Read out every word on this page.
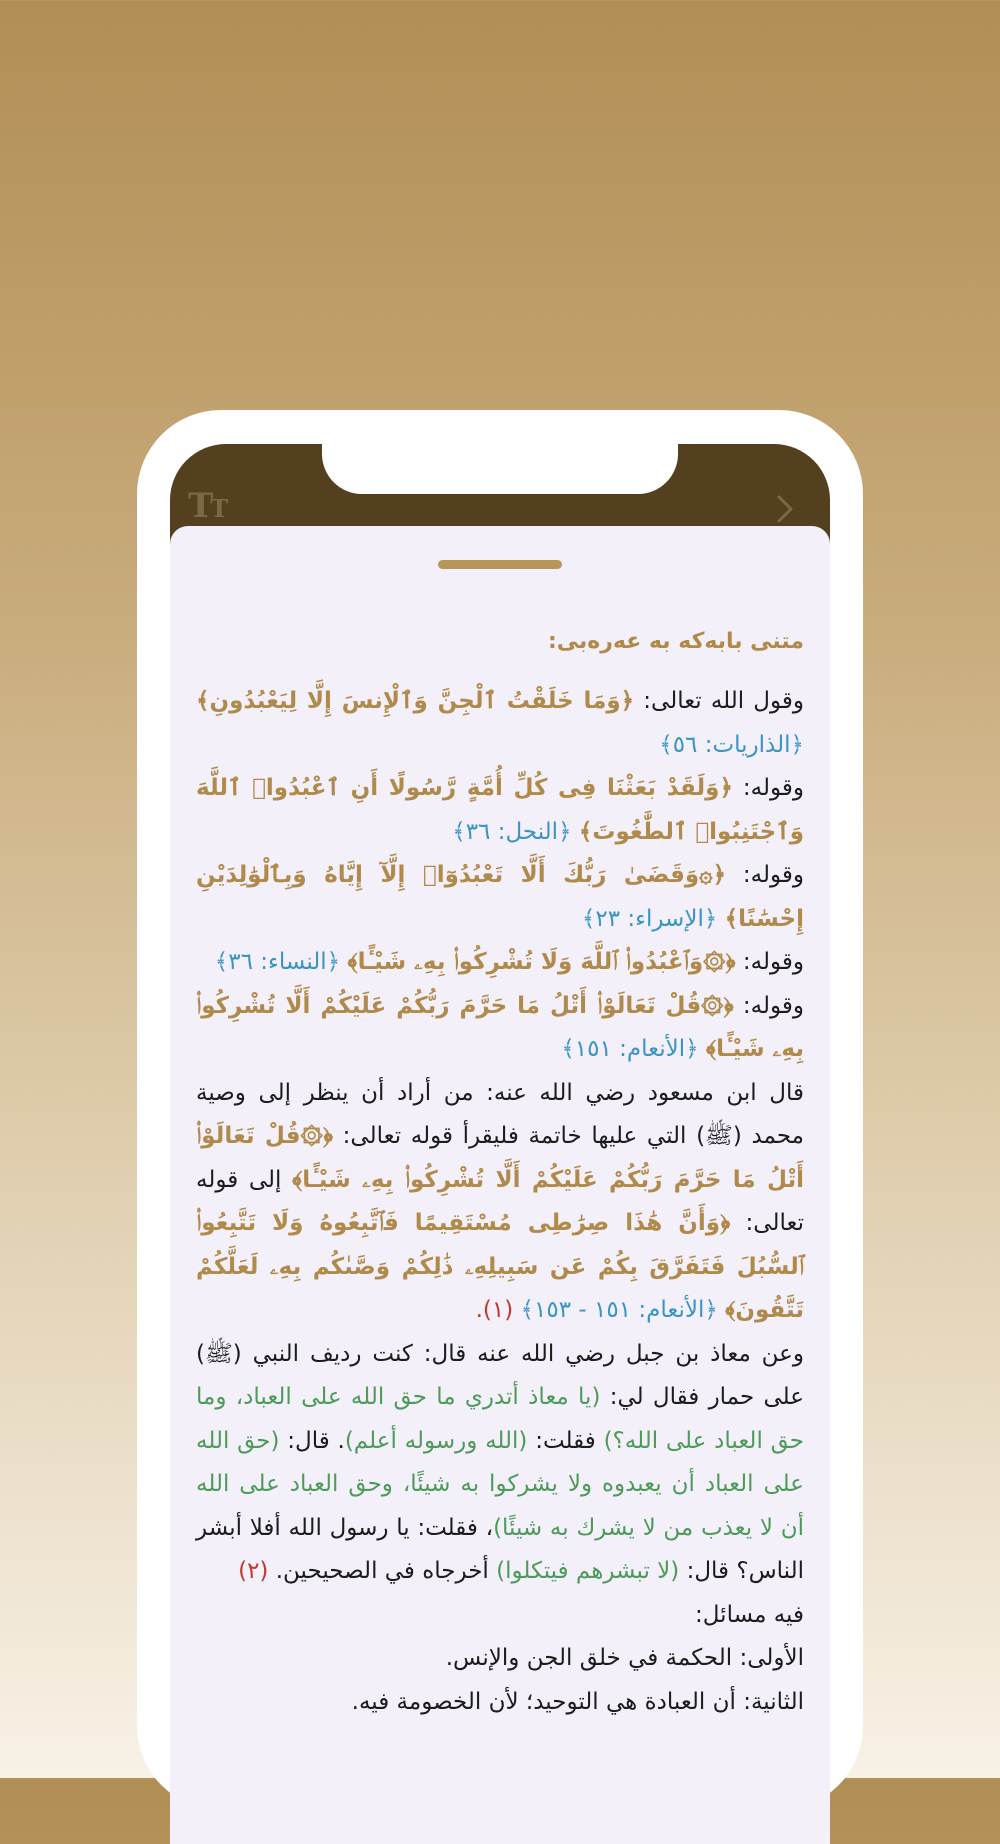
TT

متنی بابەکە بە عەرەبی:

وقول الله تعالى: ﴿وَمَا خَلَقْتُ ٱلْجِنَّ وَٱلْإِنسَ إِلَّا لِيَعْبُدُونِ﴾ ﴿الذاريات: ٥٦﴾

وقوله: ﴿وَلَقَدْ بَعَثْنَا فِى كُلِّ أُمَّةٍ رَّسُولًا أَنِ ٱعْبُدُوا۟ ٱللَّهَ وَٱجْتَنِبُوا۟ ٱلطَّٰغُوتَ﴾ ﴿النحل: ٣٦﴾

وقوله: ﴿۞وَقَضَىٰ رَبُّكَ أَلَّا تَعْبُدُوٓا۟ إِلَّآ إِيَّاهُ وَبِٱلْوَٰلِدَيْنِ إِحْسَٰنًا﴾ ﴿الإسراء: ٢٣﴾

وقوله: ﴿۞وَٱعْبُدُوا۟ ٱللَّهَ وَلَا تُشْرِكُوا۟ بِهِۦ شَيْـًٔا﴾ ﴿النساء: ٣٦﴾

وقوله: ﴿۞قُلْ تَعَالَوْا۟ أَتْلُ مَا حَرَّمَ رَبُّكُمْ عَلَيْكُمْ أَلَّا تُشْرِكُوا۟ بِهِۦ شَيْـًٔا﴾ ﴿الأنعام: ١٥١﴾

قال ابن مسعود رضي الله عنه: من أراد أن ينظر إلى وصية محمد (ﷺ) التي عليها خاتمة فليقرأ قوله تعالى: ﴿۞قُلْ تَعَالَوْا۟ أَتْلُ مَا حَرَّمَ رَبُّكُمْ عَلَيْكُمْ أَلَّا تُشْرِكُوا۟ بِهِۦ شَيْـًٔا﴾ إلى قوله تعالى: ﴿وَأَنَّ هَٰذَا صِرَٰطِى مُسْتَقِيمًا فَٱتَّبِعُوهُ وَلَا تَتَّبِعُوا۟ ٱلسُّبُلَ فَتَفَرَّقَ بِكُمْ عَن سَبِيلِهِۦ ذَٰلِكُمْ وَصَّىٰكُم بِهِۦ لَعَلَّكُمْ تَتَّقُونَ﴾ ﴿الأنعام: ١٥١ - ١٥٣﴾ (١).

وعن معاذ بن جبل رضي الله عنه قال: كنت رديف النبي (ﷺ) على حمار فقال لي: (يا معاذ أتدري ما حق الله على العباد، وما حق العباد على الله؟) فقلت: (الله ورسوله أعلم). قال: (حق الله على العباد أن يعبدوه ولا يشركوا به شيئًا، وحق العباد على الله أن لا يعذب من لا يشرك به شيئًا)، فقلت: يا رسول الله أفلا أبشر الناس؟ قال: (لا تبشرهم فيتكلوا) أخرجاه في الصحيحين. (٢)

فيه مسائل:

الأولى: الحكمة في خلق الجن والإنس.

الثانية: أن العبادة هي التوحيد؛ لأن الخصومة فيه.
